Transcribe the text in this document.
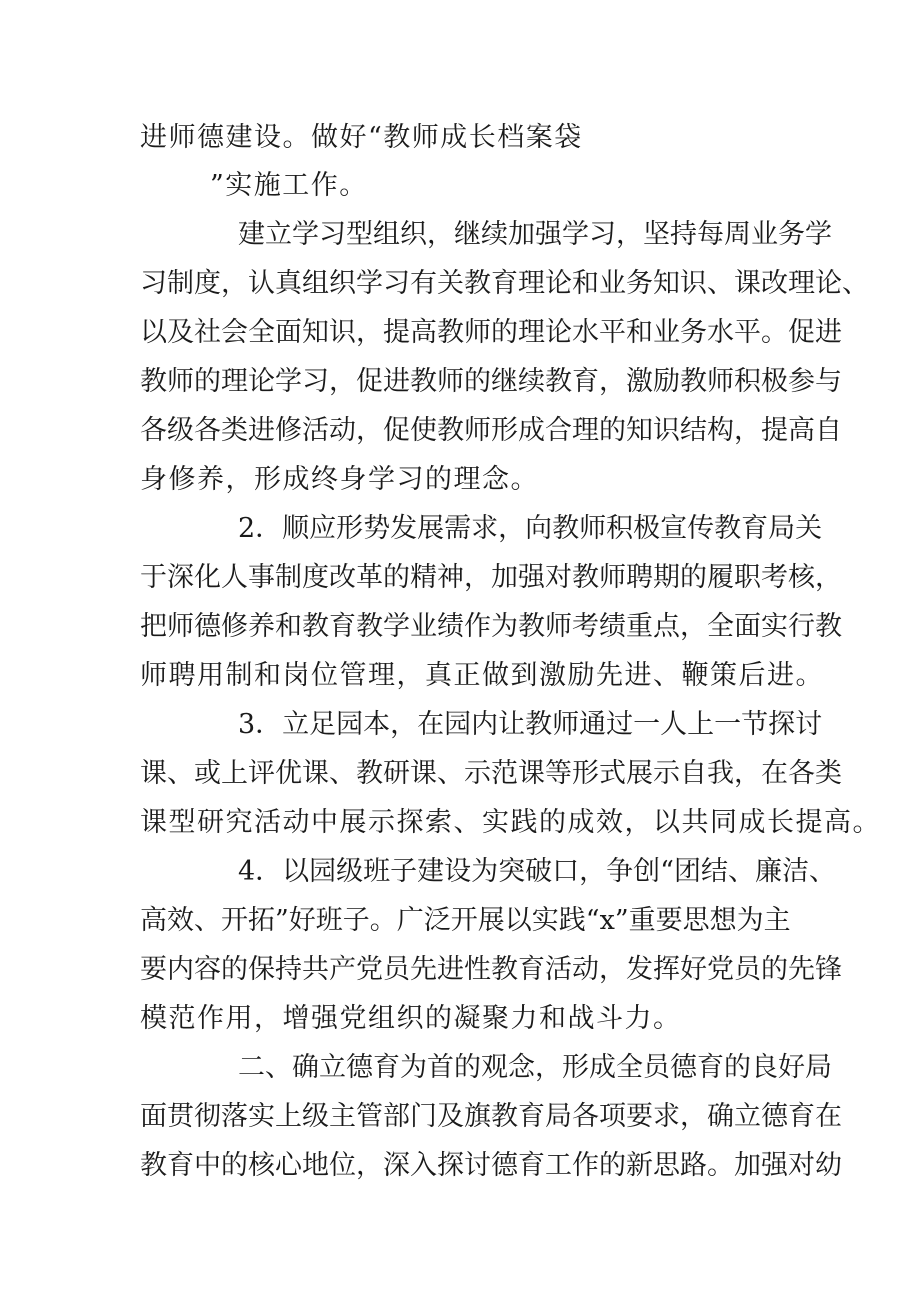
进师德建设。做好“教师成长档案袋
”实施工作。
建立学习型组织，继续加强学习，坚持每周业务学
习制度，认真组织学习有关教育理论和业务知识、课改理论、
以及社会全面知识，提高教师的理论水平和业务水平。促进
教师的理论学习，促进教师的继续教育，激励教师积极参与
各级各类进修活动，促使教师形成合理的知识结构，提高自
身修养，形成终身学习的理念。
2．顺应形势发展需求，向教师积极宣传教育局关
于深化人事制度改革的精神，加强对教师聘期的履职考核，
把师德修养和教育教学业绩作为教师考绩重点，全面实行教
师聘用制和岗位管理，真正做到激励先进、鞭策后进。
3．立足园本，在园内让教师通过一人上一节探讨
课、或上评优课、教研课、示范课等形式展示自我，在各类
课型研究活动中展示探索、实践的成效，以共同成长提高。
4．以园级班子建设为突破口，争创“团结、廉洁、
高效、开拓”好班子。广泛开展以实践“x”重要思想为主
要内容的保持共产党员先进性教育活动，发挥好党员的先锋
模范作用，增强党组织的凝聚力和战斗力。
二、确立德育为首的观念，形成全员德育的良好局
面贯彻落实上级主管部门及旗教育局各项要求，确立德育在
教育中的核心地位，深入探讨德育工作的新思路。加强对幼
